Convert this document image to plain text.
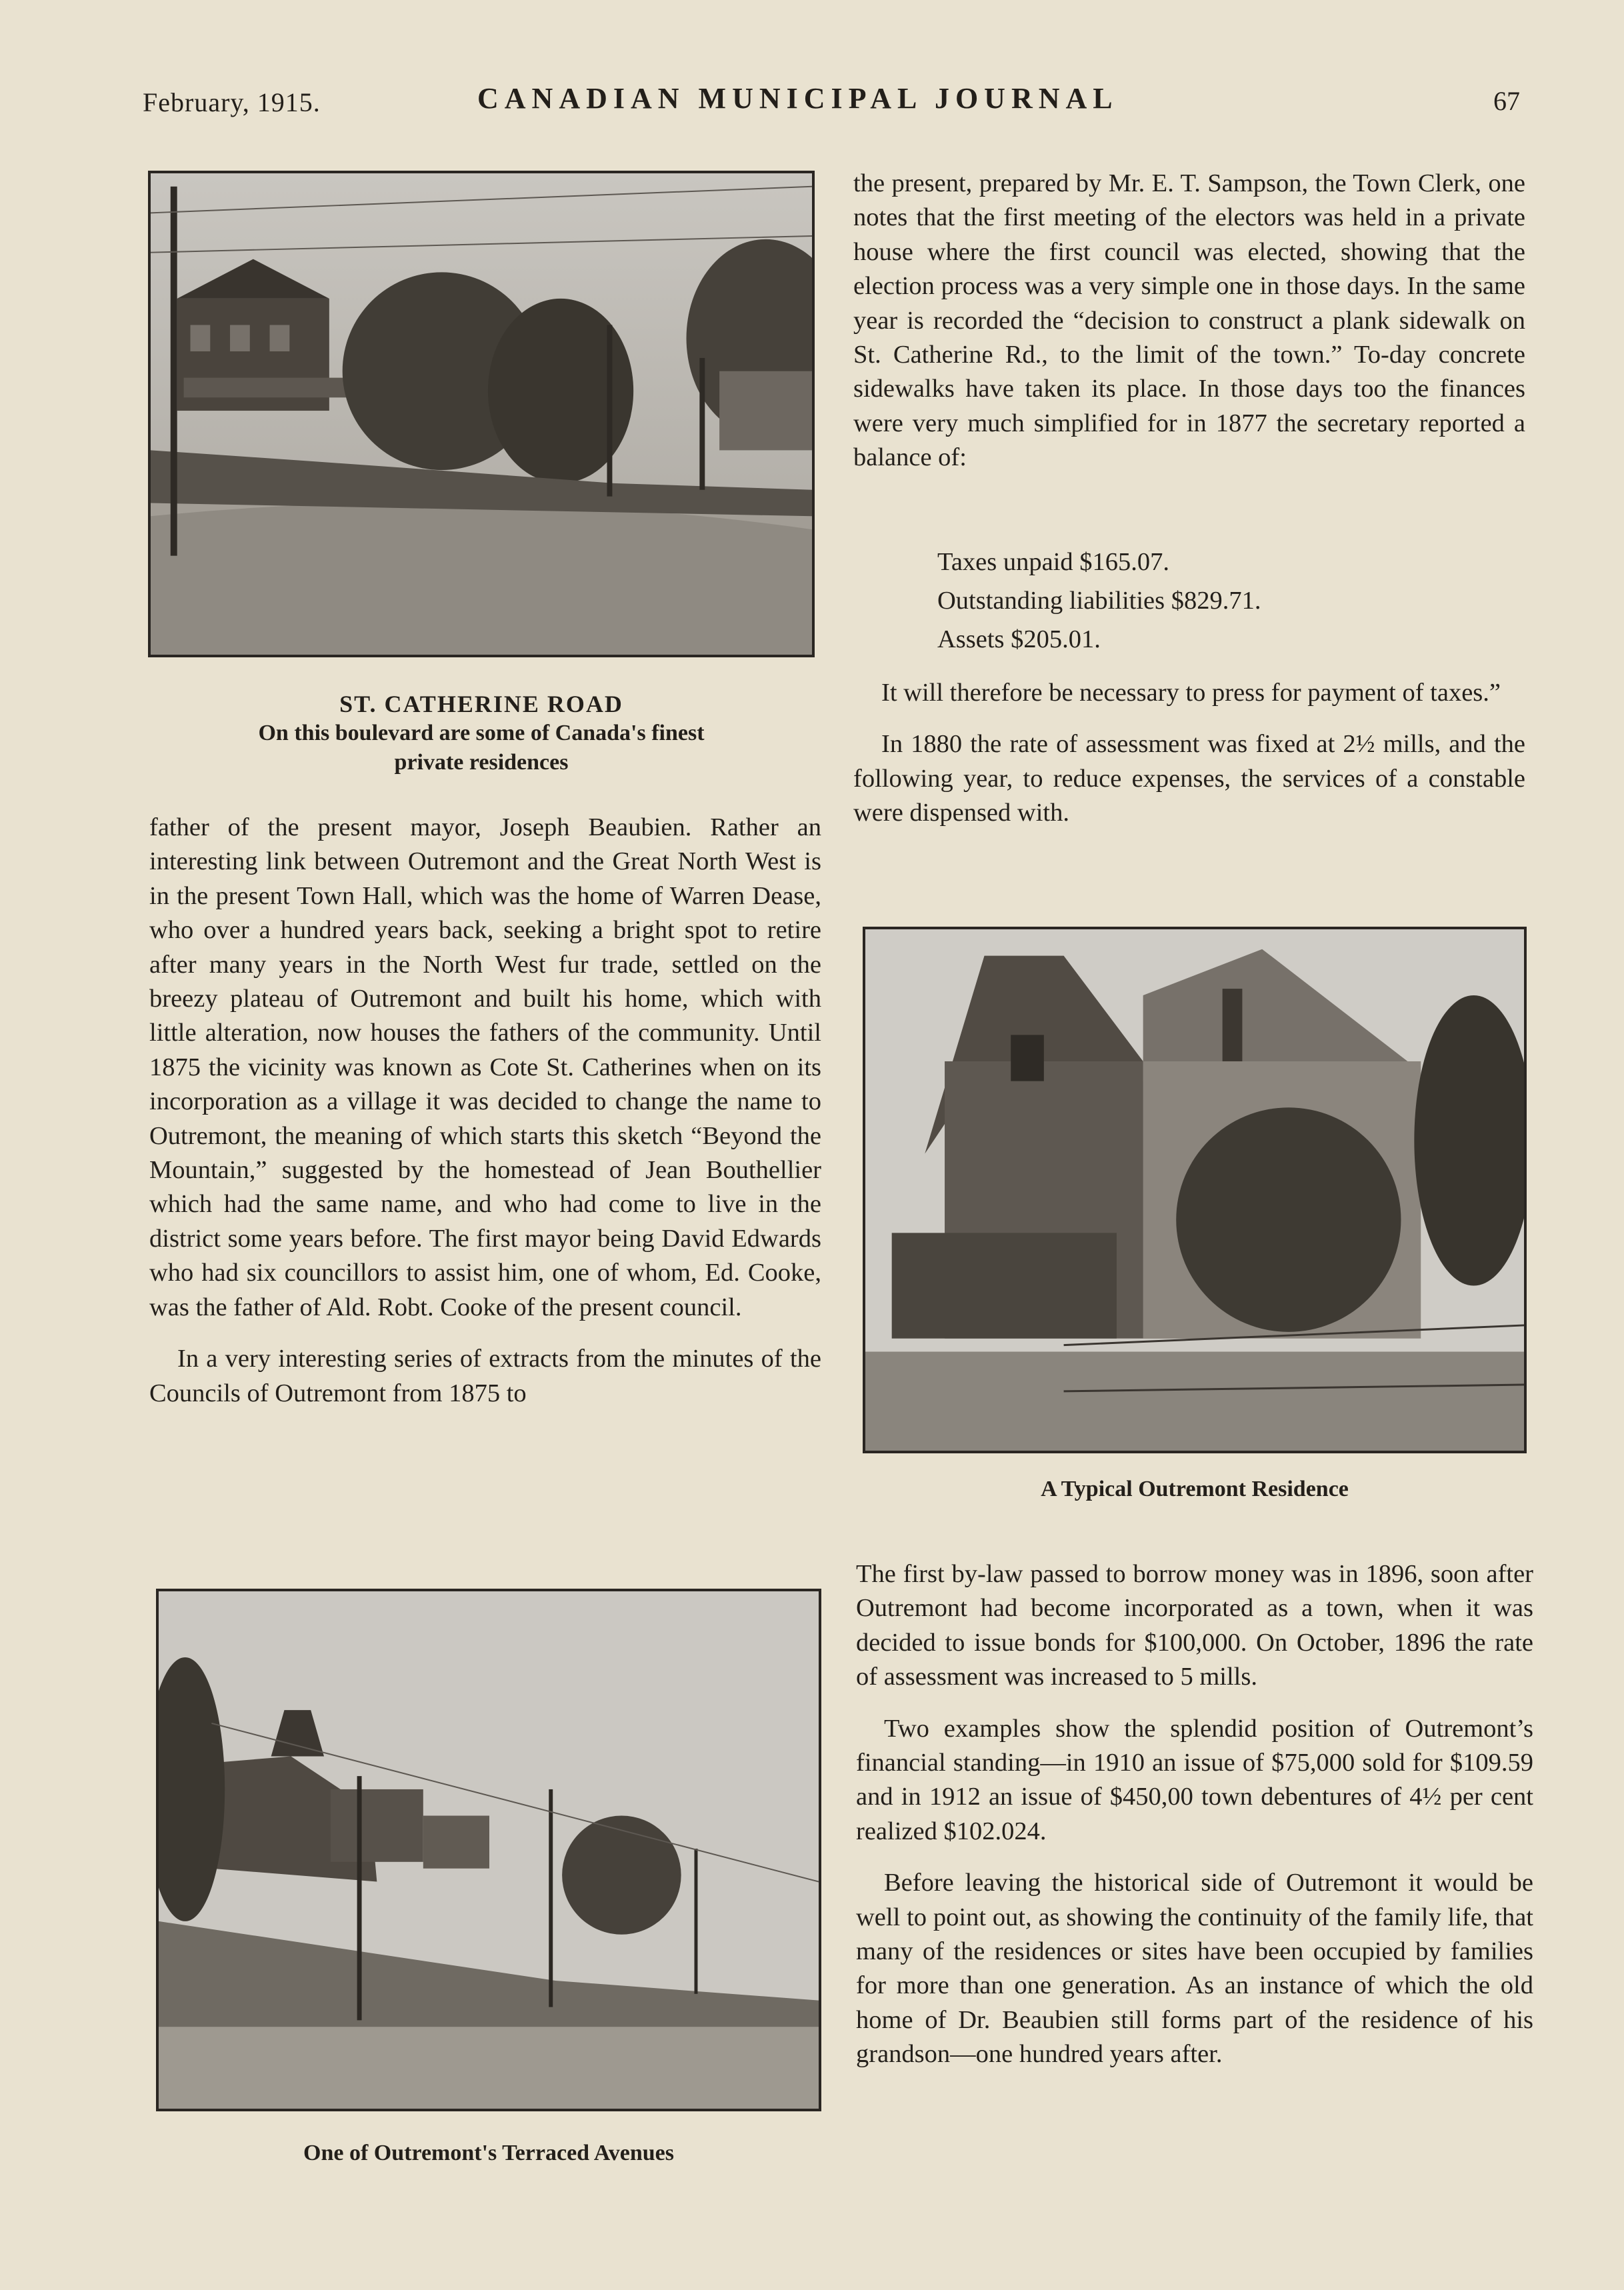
February, 1915.	CANADIAN MUNICIPAL JOURNAL	67
ST. CATHERINE ROAD
On this boulevard are some of Canada's finest
private residences

father of the present mayor, Joseph Beaubien. Rather an interesting link between Outremont and the Great North West is in the present Town Hall, which was the home of Warren Dease, who over a hundred years back, seeking a bright spot to retire after many years in the North West fur trade, settled on the breezy plateau of Outremont and built his home, which with little alteration, now houses the fathers of the community. Until 1875 the vicinity was known as Cote St. Catherines when on its incorporation as a village it was decided to change the name to Outremont, the meaning of which starts this sketch “Beyond the Mountain,” suggested by the homestead of Jean Bouthellier which had the same name, and who had come to live in the district some years before. The first mayor being David Edwards who had six councillors to assist him, one of whom, Ed. Cooke, was the father of Ald. Robt. Cooke of the present council.

In a very interesting series of extracts from the minutes of the Councils of Outremont from 1875 to

One of Outremont's Terraced Avenues

the present, prepared by Mr. E. T. Sampson, the Town Clerk, one notes that the first meeting of the electors was held in a private house where the first council was elected, showing that the election process was a very simple one in those days. In the same year is recorded the “decision to construct a plank sidewalk on St. Catherine Rd., to the limit of the town.” To-day concrete sidewalks have taken its place. In those days too the finances were very much simplified for in 1877 the secretary reported a balance of:

Taxes unpaid $165.07.
Outstanding liabilities $829.71.
Assets $205.01.

It will therefore be necessary to press for payment of taxes.”

In 1880 the rate of assessment was fixed at 2½ mills, and the following year, to reduce expenses, the services of a constable were dispensed with.

A Typical Outremont Residence

The first by-law passed to borrow money was in 1896, soon after Outremont had become incorporated as a town, when it was decided to issue bonds for $100,000. On October, 1896 the rate of assessment was increased to 5 mills.

Two examples show the splendid position of Outremont’s financial standing—in 1910 an issue of $75,000 sold for $109.59 and in 1912 an issue of $450,00 town debentures of 4½ per cent realized $102.024.

Before leaving the historical side of Outremont it would be well to point out, as showing the continuity of the family life, that many of the residences or sites have been occupied by families for more than one generation. As an instance of which the old home of Dr. Beaubien still forms part of the residence of his grandson—one hundred years after.
